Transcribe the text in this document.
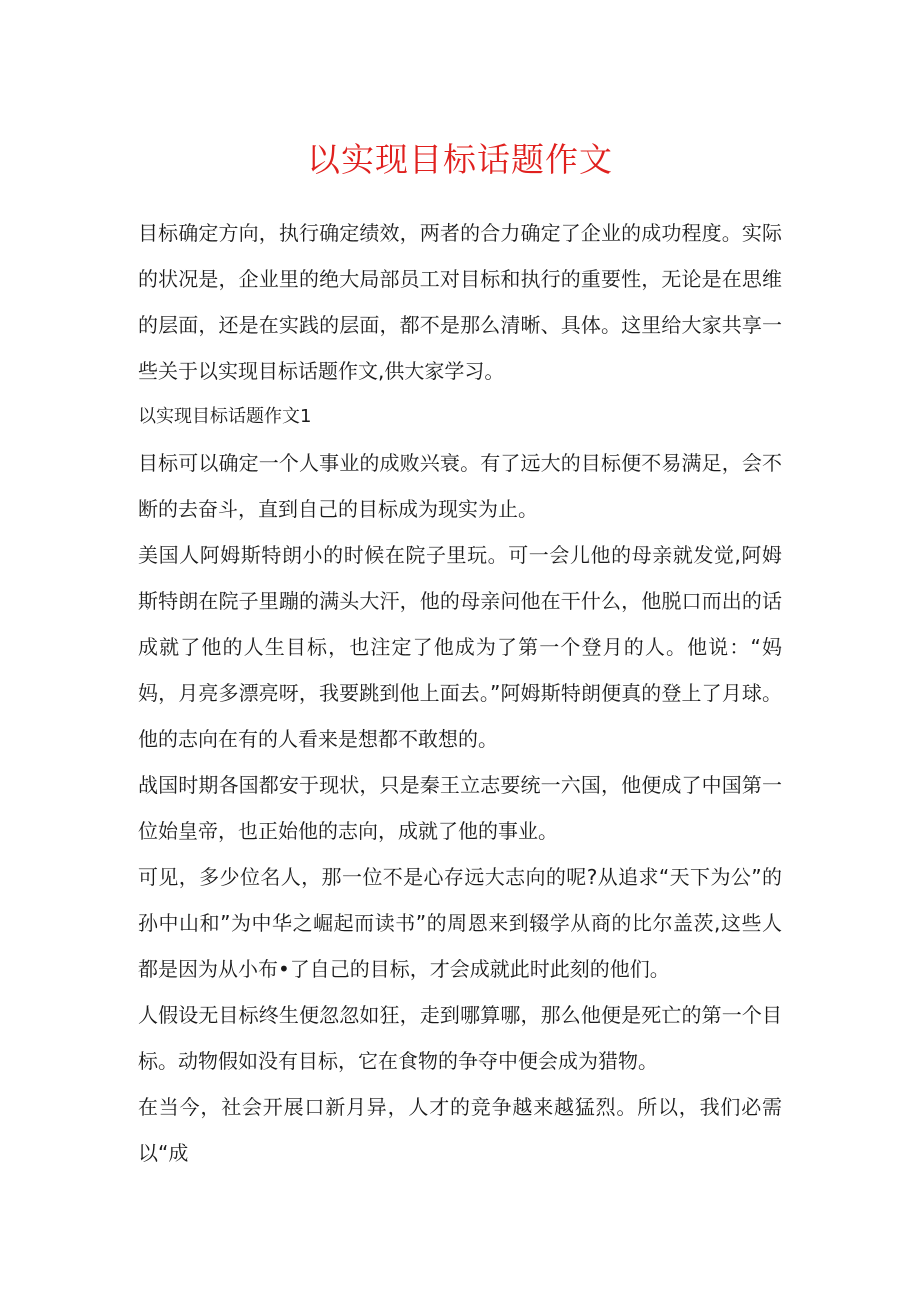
以实现目标话题作文

目标确定方向，执行确定绩效，两者的合力确定了企业的成功程度。实际的状况是，企业里的绝大局部员工对目标和执行的重要性，无论是在思维的层面，还是在实践的层面，都不是那么清晰、具体。这里给大家共享一些关于以实现目标话题作文,供大家学习。

以实现目标话题作文1

目标可以确定一个人事业的成败兴衰。有了远大的目标便不易满足，会不断的去奋斗，直到自己的目标成为现实为止。

美国人阿姆斯特朗小的时候在院子里玩。可一会儿他的母亲就发觉,阿姆斯特朗在院子里蹦的满头大汗，他的母亲问他在干什么，他脱口而出的话成就了他的人生目标，也注定了他成为了第一个登月的人。他说：“妈妈，月亮多漂亮呀，我要跳到他上面去。”阿姆斯特朗便真的登上了月球。他的志向在有的人看来是想都不敢想的。

战国时期各国都安于现状，只是秦王立志要统一六国，他便成了中国第一位始皇帝，也正始他的志向，成就了他的事业。

可见，多少位名人，那一位不是心存远大志向的呢?从追求“天下为公”的孙中山和”为中华之崛起而读书”的周恩来到辍学从商的比尔盖茨,这些人都是因为从小布•了自己的目标，才会成就此时此刻的他们。

人假设无目标终生便忽忽如狂，走到哪算哪，那么他便是死亡的第一个目标。动物假如没有目标，它在食物的争夺中便会成为猎物。

在当今，社会开展口新月异，人才的竞争越来越猛烈。所以，我们必需以“成
